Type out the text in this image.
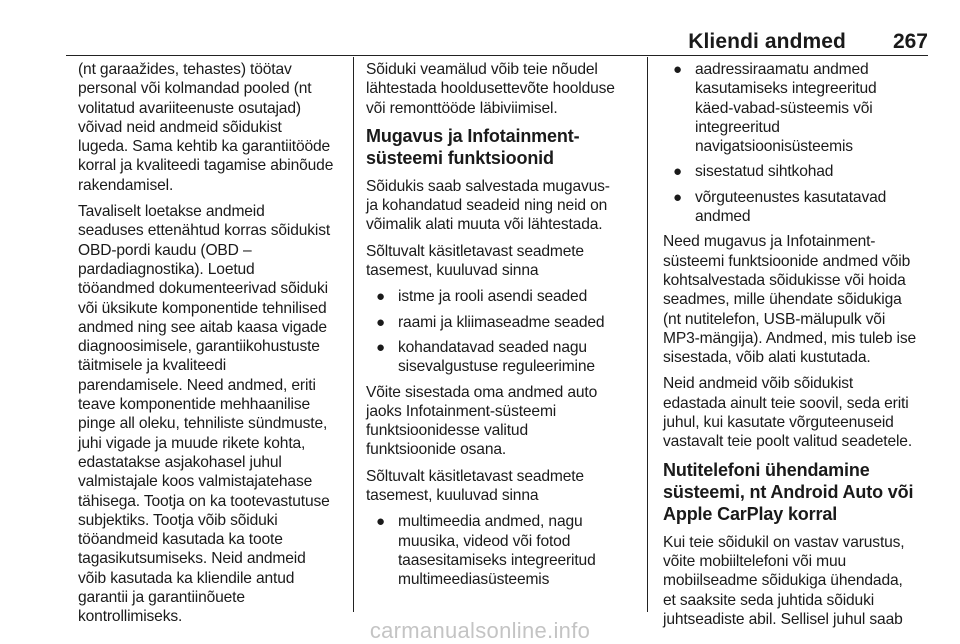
Kliendi andmed 267

(nt garaažides, tehastes) töötav
personal või kolmandad pooled (nt
volitatud avariiteenuste osutajad)
võivad neid andmeid sõidukist
lugeda. Sama kehtib ka garantiitööde
korral ja kvaliteedi tagamise abinõude
rakendamisel.

Tavaliselt loetakse andmeid
seaduses ettenähtud korras sõidukist
OBD-pordi kaudu (OBD –
pardadiagnostika). Loetud
tööandmed dokumenteerivad sõiduki
või üksikute komponentide tehnilised
andmed ning see aitab kaasa vigade
diagnoosimisele, garantiikohustuste
täitmisele ja kvaliteedi
parendamisele. Need andmed, eriti
teave komponentide mehhaanilise
pinge all oleku, tehniliste sündmuste,
juhi vigade ja muude rikete kohta,
edastatakse asjakohasel juhul
valmistajale koos valmistajatehase
tähisega. Tootja on ka tootevastutuse
subjektiks. Tootja võib sõiduki
tööandmeid kasutada ka toote
tagasikutsumiseks. Neid andmeid
võib kasutada ka kliendile antud
garantii ja garantiinõuete
kontrollimiseks.

Sõiduki veamälud võib teie nõudel
lähtestada hooldusettevõte hoolduse
või remonttööde läbiviimisel.

Mugavus ja Infotainment-
süsteemi funktsioonid

Sõidukis saab salvestada mugavus-
ja kohandatud seadeid ning neid on
võimalik alati muuta või lähtestada.

Sõltuvalt käsitletavast seadmete
tasemest, kuuluvad sinna

● istme ja rooli asendi seaded
● raami ja kliimaseadme seaded
● kohandatavad seaded nagu
sisevalgustuse reguleerimine

Võite sisestada oma andmed auto
jaoks Infotainment-süsteemi
funktsioonidesse valitud
funktsioonide osana.

Sõltuvalt käsitletavast seadmete
tasemest, kuuluvad sinna

● multimeedia andmed, nagu
muusika, videod või fotod
taasesitamiseks integreeritud
multimeediasüsteemis
● aadressiraamatu andmed
kasutamiseks integreeritud
käed-vabad-süsteemis või
integreeritud
navigatsioonisüsteemis
● sisestatud sihtkohad
● võrguteenustes kasutatavad
andmed

Need mugavus ja Infotainment-
süsteemi funktsioonide andmed võib
kohtsalvestada sõidukisse või hoida
seadmes, mille ühendate sõidukiga
(nt nutitelefon, USB-mälupulk või
MP3-mängija). Andmed, mis tuleb ise
sisestada, võib alati kustutada.

Neid andmeid võib sõidukist
edastada ainult teie soovil, seda eriti
juhul, kui kasutate võrguteenuseid
vastavalt teie poolt valitud seadetele.

Nutitelefoni ühendamine
süsteemi, nt Android Auto või
Apple CarPlay korral

Kui teie sõidukil on vastav varustus,
võite mobiiltelefoni või muu
mobiilseadme sõidukiga ühendada,
et saaksite seda juhtida sõiduki
juhtseadiste abil. Sellisel juhul saab

carmanualsonline.info
